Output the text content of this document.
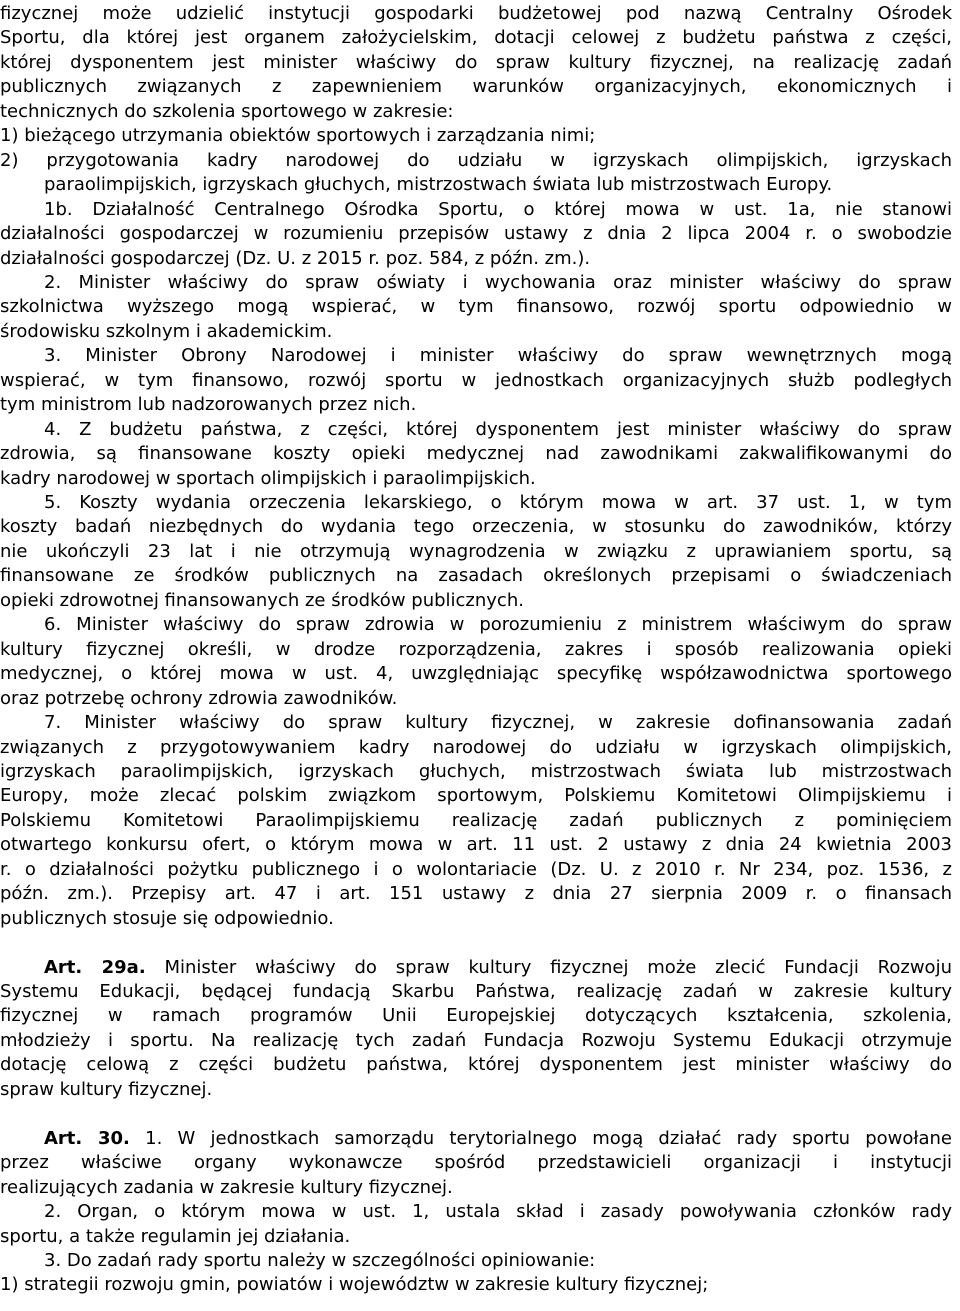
fizycznej może udzielić instytucji gospodarki budżetowej pod nazwą Centralny Ośrodek

Sportu, dla której jest organem założycielskim, dotacji celowej z budżetu państwa z części,

której dysponentem jest minister właściwy do spraw kultury fizycznej, na realizację zadań

publicznych związanych z zapewnieniem warunków organizacyjnych, ekonomicznych i

technicznych do szkolenia sportowego w zakresie:

1) bieżącego utrzymania obiektów sportowych i zarządzania nimi;

2) przygotowania kadry narodowej do udziału w igrzyskach olimpijskich, igrzyskach

paraolimpijskich, igrzyskach głuchych, mistrzostwach świata lub mistrzostwach Europy.

1b. Działalność Centralnego Ośrodka Sportu, o której mowa w ust. 1a, nie stanowi

działalności gospodarczej w rozumieniu przepisów ustawy z dnia 2 lipca 2004 r. o swobodzie

działalności gospodarczej (Dz. U. z 2015 r. poz. 584, z późn. zm.).

2. Minister właściwy do spraw oświaty i wychowania oraz minister właściwy do spraw

szkolnictwa wyższego mogą wspierać, w tym finansowo, rozwój sportu odpowiednio w

środowisku szkolnym i akademickim.

3. Minister Obrony Narodowej i minister właściwy do spraw wewnętrznych mogą

wspierać, w tym finansowo, rozwój sportu w jednostkach organizacyjnych służb podległych

tym ministrom lub nadzorowanych przez nich.

4. Z budżetu państwa, z części, której dysponentem jest minister właściwy do spraw

zdrowia, są finansowane koszty opieki medycznej nad zawodnikami zakwalifikowanymi do

kadry narodowej w sportach olimpijskich i paraolimpijskich.

5. Koszty wydania orzeczenia lekarskiego, o którym mowa w art. 37 ust. 1, w tym

koszty badań niezbędnych do wydania tego orzeczenia, w stosunku do zawodników, którzy

nie ukończyli 23 lat i nie otrzymują wynagrodzenia w związku z uprawianiem sportu, są

finansowane ze środków publicznych na zasadach określonych przepisami o świadczeniach

opieki zdrowotnej finansowanych ze środków publicznych.

6. Minister właściwy do spraw zdrowia w porozumieniu z ministrem właściwym do spraw

kultury fizycznej określi, w drodze rozporządzenia, zakres i sposób realizowania opieki

medycznej, o której mowa w ust. 4, uwzględniając specyfikę współzawodnictwa sportowego

oraz potrzebę ochrony zdrowia zawodników.

7. Minister właściwy do spraw kultury fizycznej, w zakresie dofinansowania zadań

związanych z przygotowywaniem kadry narodowej do udziału w igrzyskach olimpijskich,

igrzyskach paraolimpijskich, igrzyskach głuchych, mistrzostwach świata lub mistrzostwach

Europy, może zlecać polskim związkom sportowym, Polskiemu Komitetowi Olimpijskiemu i

Polskiemu Komitetowi Paraolimpijskiemu realizację zadań publicznych z pominięciem

otwartego konkursu ofert, o którym mowa w art. 11 ust. 2 ustawy z dnia 24 kwietnia 2003

r. o działalności pożytku publicznego i o wolontariacie (Dz. U. z 2010 r. Nr 234, poz. 1536, z

późn. zm.). Przepisy art. 47 i art. 151 ustawy z dnia 27 sierpnia 2009 r. o finansach

publicznych stosuje się odpowiednio.

Art. 29a. Minister właściwy do spraw kultury fizycznej może zlecić Fundacji Rozwoju

Systemu Edukacji, będącej fundacją Skarbu Państwa, realizację zadań w zakresie kultury

fizycznej w ramach programów Unii Europejskiej dotyczących kształcenia, szkolenia,

młodzieży i sportu. Na realizację tych zadań Fundacja Rozwoju Systemu Edukacji otrzymuje

dotację celową z części budżetu państwa, której dysponentem jest minister właściwy do

spraw kultury fizycznej.

Art. 30. 1. W jednostkach samorządu terytorialnego mogą działać rady sportu powołane

przez właściwe organy wykonawcze spośród przedstawicieli organizacji i instytucji

realizujących zadania w zakresie kultury fizycznej.

2. Organ, o którym mowa w ust. 1, ustala skład i zasady powoływania członków rady

sportu, a także regulamin jej działania.

3. Do zadań rady sportu należy w szczególności opiniowanie:

1) strategii rozwoju gmin, powiatów i województw w zakresie kultury fizycznej;
